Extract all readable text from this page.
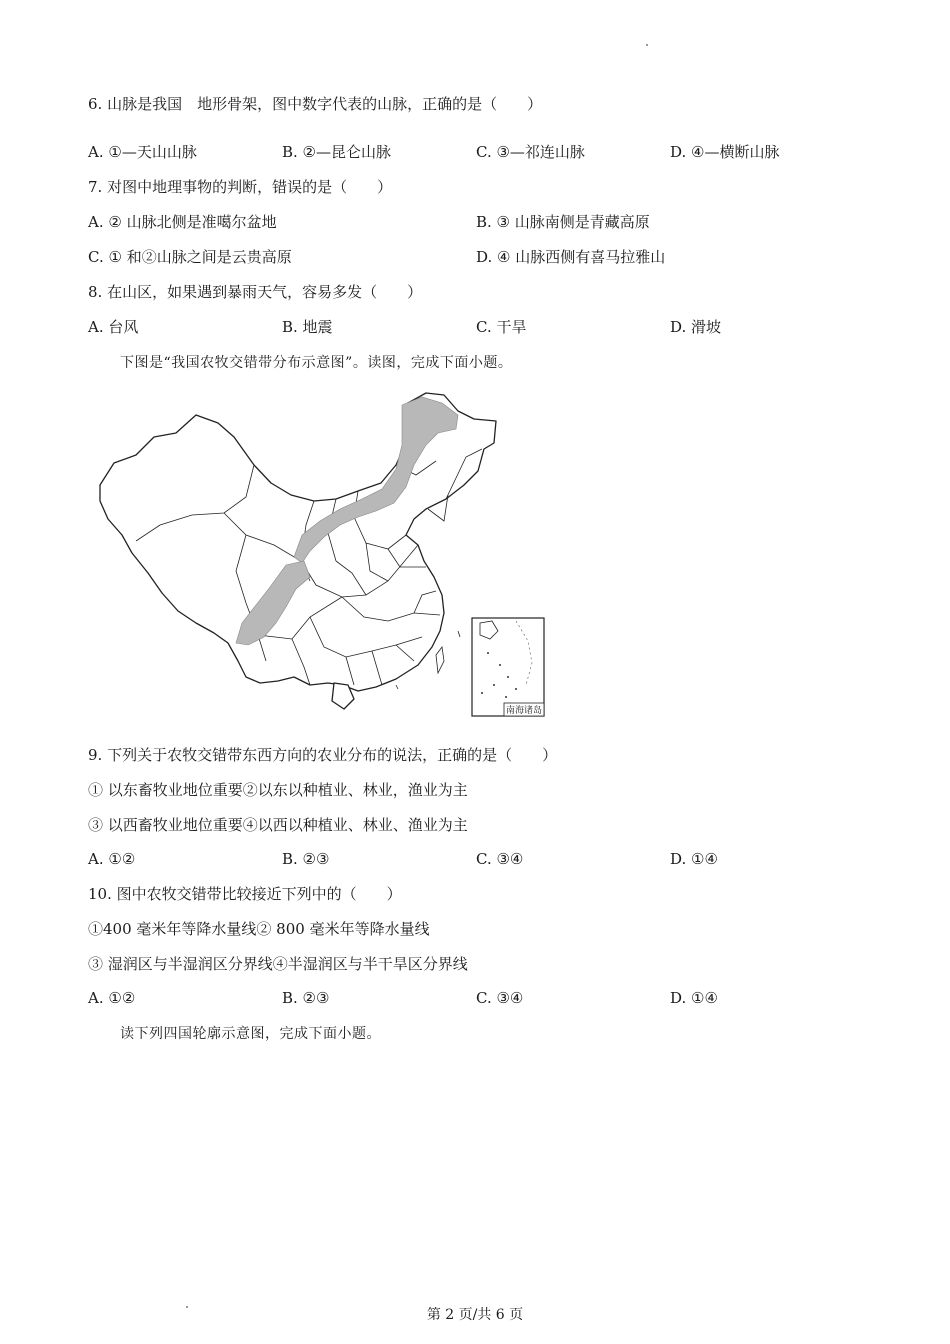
6. 山脉是我国　地形骨架，图中数字代表的山脉，正确的是（　　）
A. ①—天山山脉	B. ②—昆仑山脉	C. ③—祁连山脉	D. ④—横断山脉
7. 对图中地理事物的判断，错误的是（　　）
A. ② 山脉北侧是准噶尔盆地	B. ③ 山脉南侧是青藏高原
C. ① 和②山脉之间是云贵高原	D. ④ 山脉西侧有喜马拉雅山
8. 在山区，如果遇到暴雨天气，容易多发（　　）
A. 台风	B. 地震	C. 干旱	D. 滑坡
下图是“我国农牧交错带分布示意图”。读图，完成下面小题。
南海诸岛
9. 下列关于农牧交错带东西方向的农业分布的说法，正确的是（　　）
① 以东畜牧业地位重要②以东以种植业、林业，渔业为主
③ 以西畜牧业地位重要④以西以种植业、林业、渔业为主
A. ①②	B. ②③	C. ③④	D. ①④
10. 图中农牧交错带比较接近下列中的（　　）
①400 毫米年等降水量线② 800 毫米年等降水量线
③ 湿润区与半湿润区分界线④半湿润区与半干旱区分界线
A. ①②	B. ②③	C. ③④	D. ①④
读下列四国轮廓示意图，完成下面小题。
第 2 页/共 6 页
